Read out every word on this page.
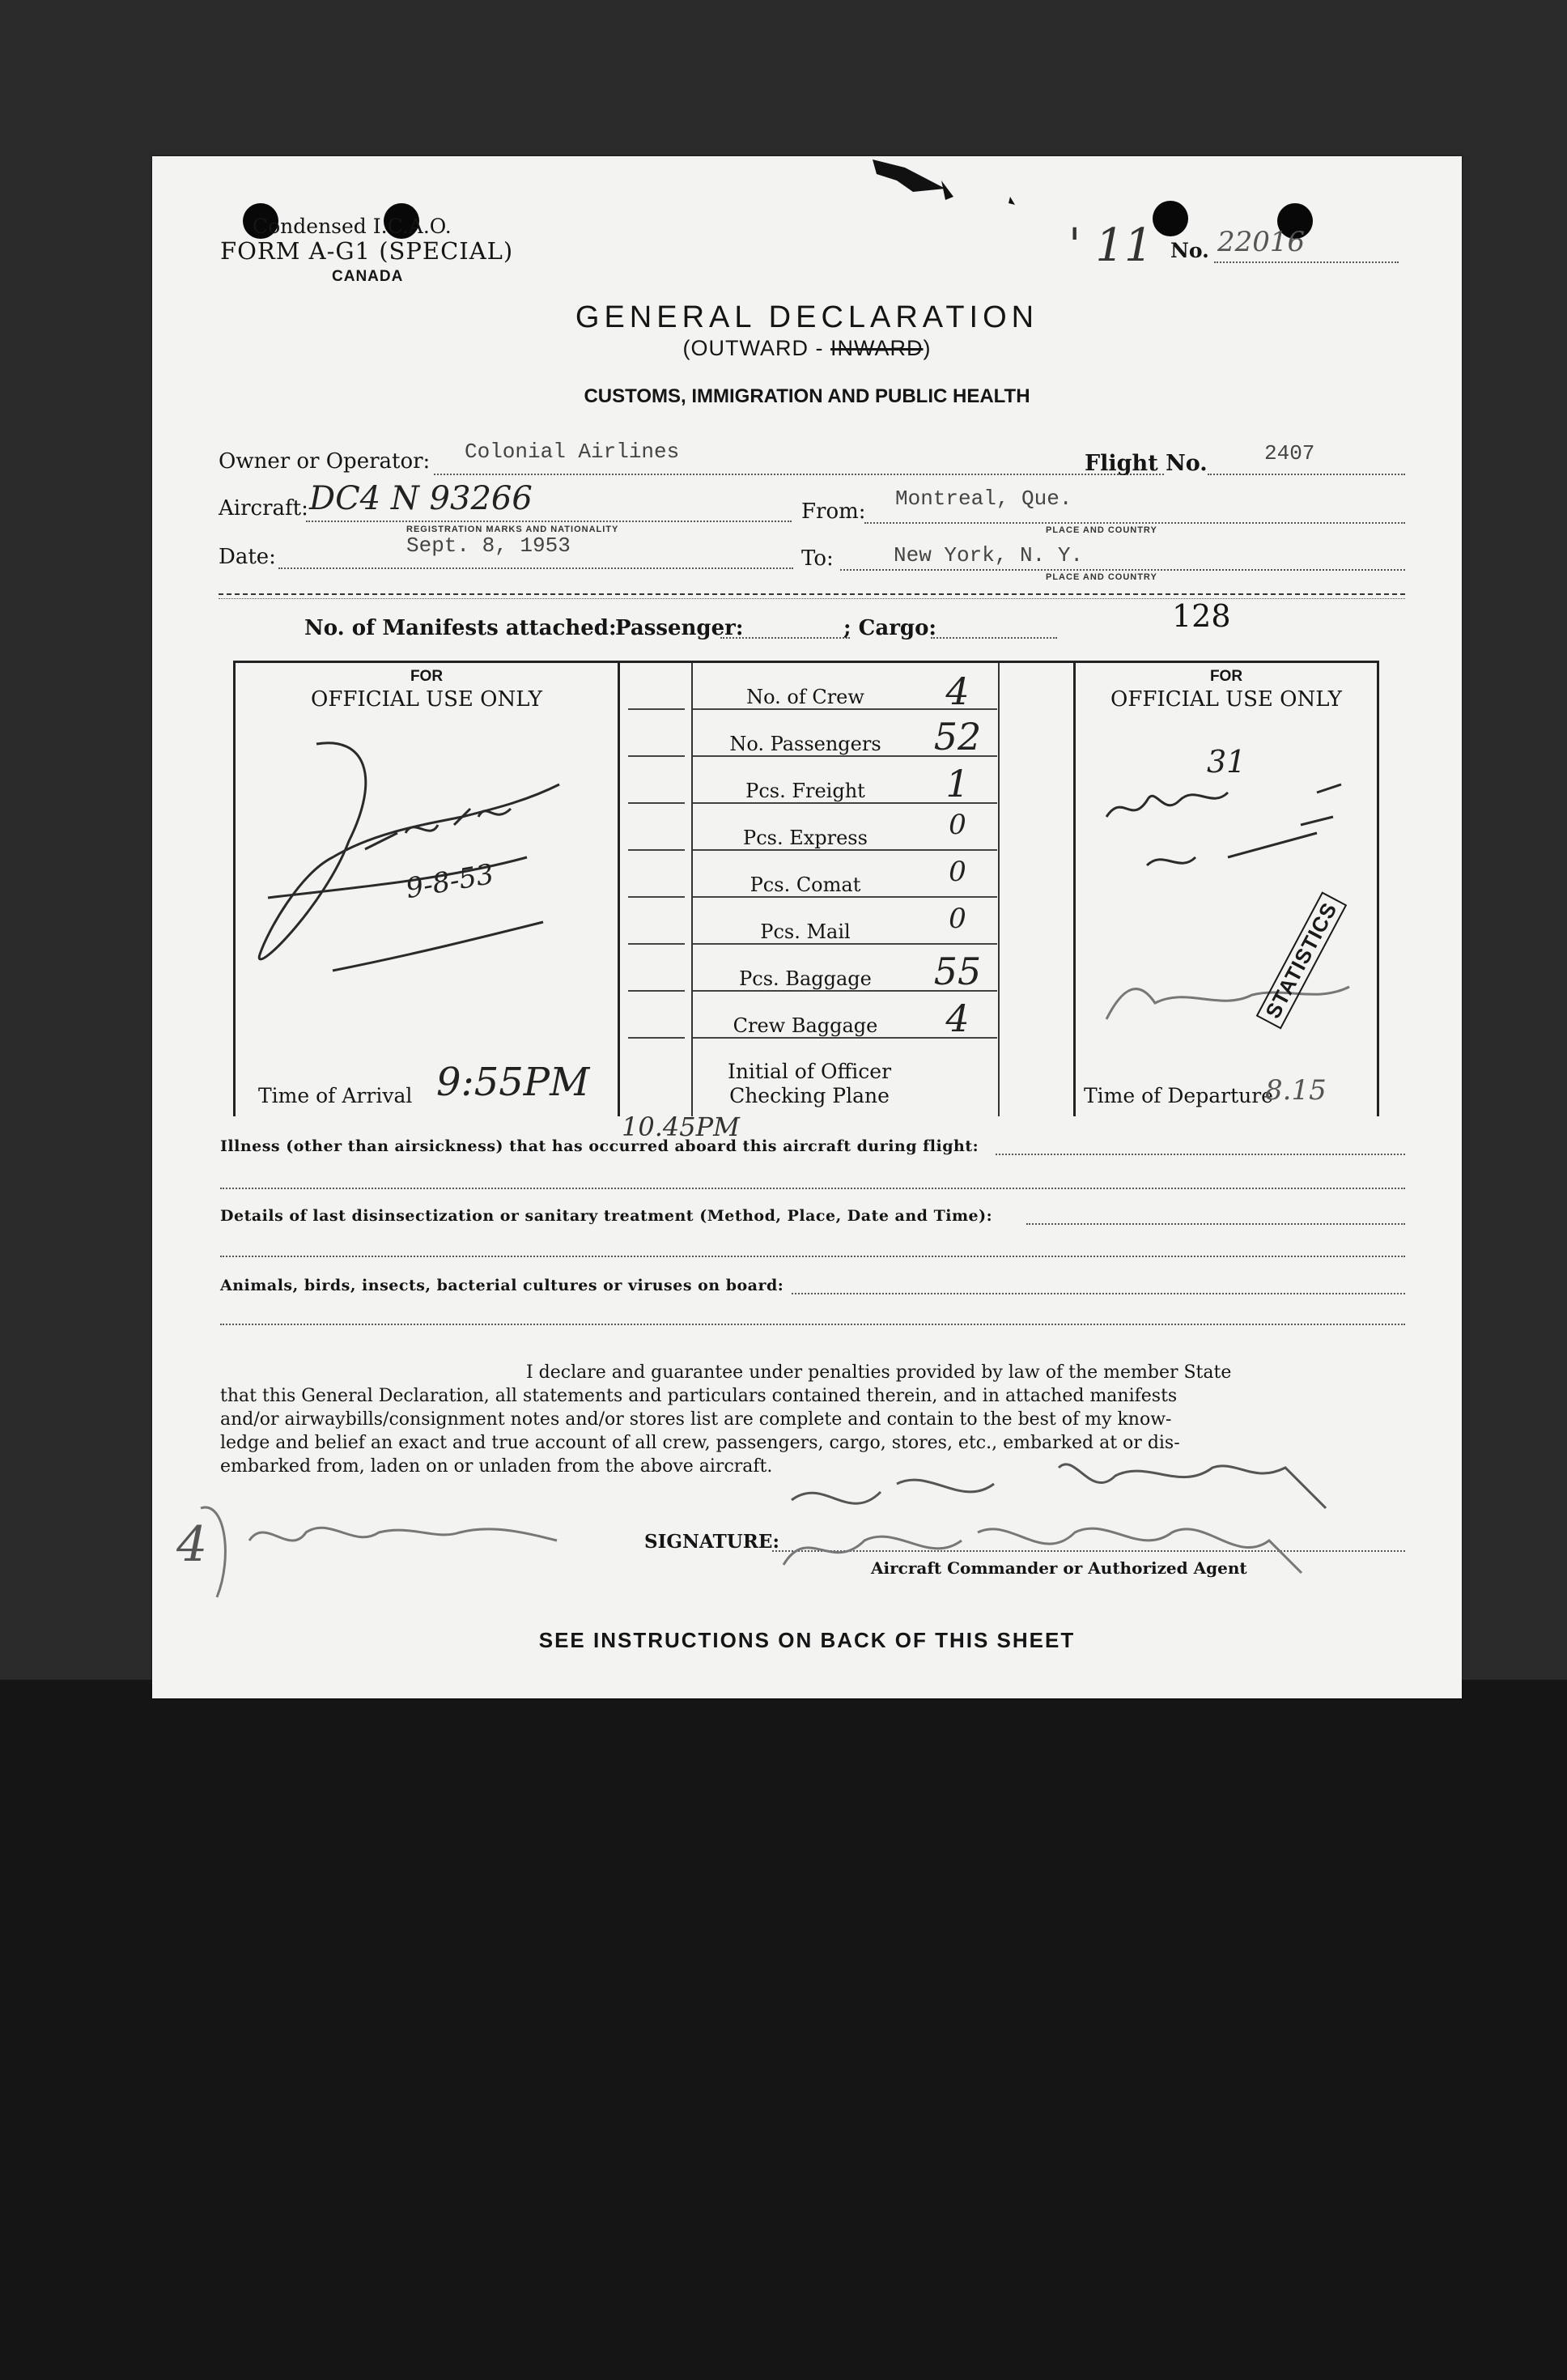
Condensed I.C.A.O.
FORM A-G1 (SPECIAL)
CANADA
No. 22016
' 11
GENERAL DECLARATION
(OUTWARD - INWARD)
CUSTOMS, IMMIGRATION AND PUBLIC HEALTH
Owner or Operator: Colonial Airlines	Flight No.	2407
Aircraft: DC4 N 93266
REGISTRATION MARKS AND NATIONALITY
From:
Montreal, Que.
PLACE AND COUNTRY
Date:	Sept. 8, 1953
To:	New York, N. Y.
PLACE AND COUNTRY
No. of Manifests attached:
Passenger:	; Cargo:	128
FOR
OFFICIAL USE ONLY
FOR
OFFICIAL USE ONLY
No. of Crew	4
No. Passengers	52
Pcs. Freight	1
Pcs. Express	0
Pcs. Comat	0
Pcs. Mail	0
Pcs. Baggage	55
Crew Baggage	4
Initial of Officer
Checking Plane
Time of Arrival 9:55PM	Time of Departure
8.15
9-8-53
31
STATISTICS
Illness (other than airsickness) that has occurred aboard this aircraft during flight:
10.45PM
Details of last disinsectization or sanitary treatment (Method, Place, Date and Time):
Animals, birds, insects, bacterial cultures or viruses on board:
I declare and guarantee under penalties provided by law of the member State
that this General Declaration, all statements and particulars contained therein, and in attached manifests
and/or airwaybills/consignment notes and/or stores list are complete and contain to the best of my know-
ledge and belief an exact and true account of all crew, passengers, cargo, stores, etc., embarked at or dis-
embarked from, laden on or unladen from the above aircraft.
SIGNATURE:
Aircraft Commander or Authorized Agent
4
SEE INSTRUCTIONS ON BACK OF THIS SHEET
